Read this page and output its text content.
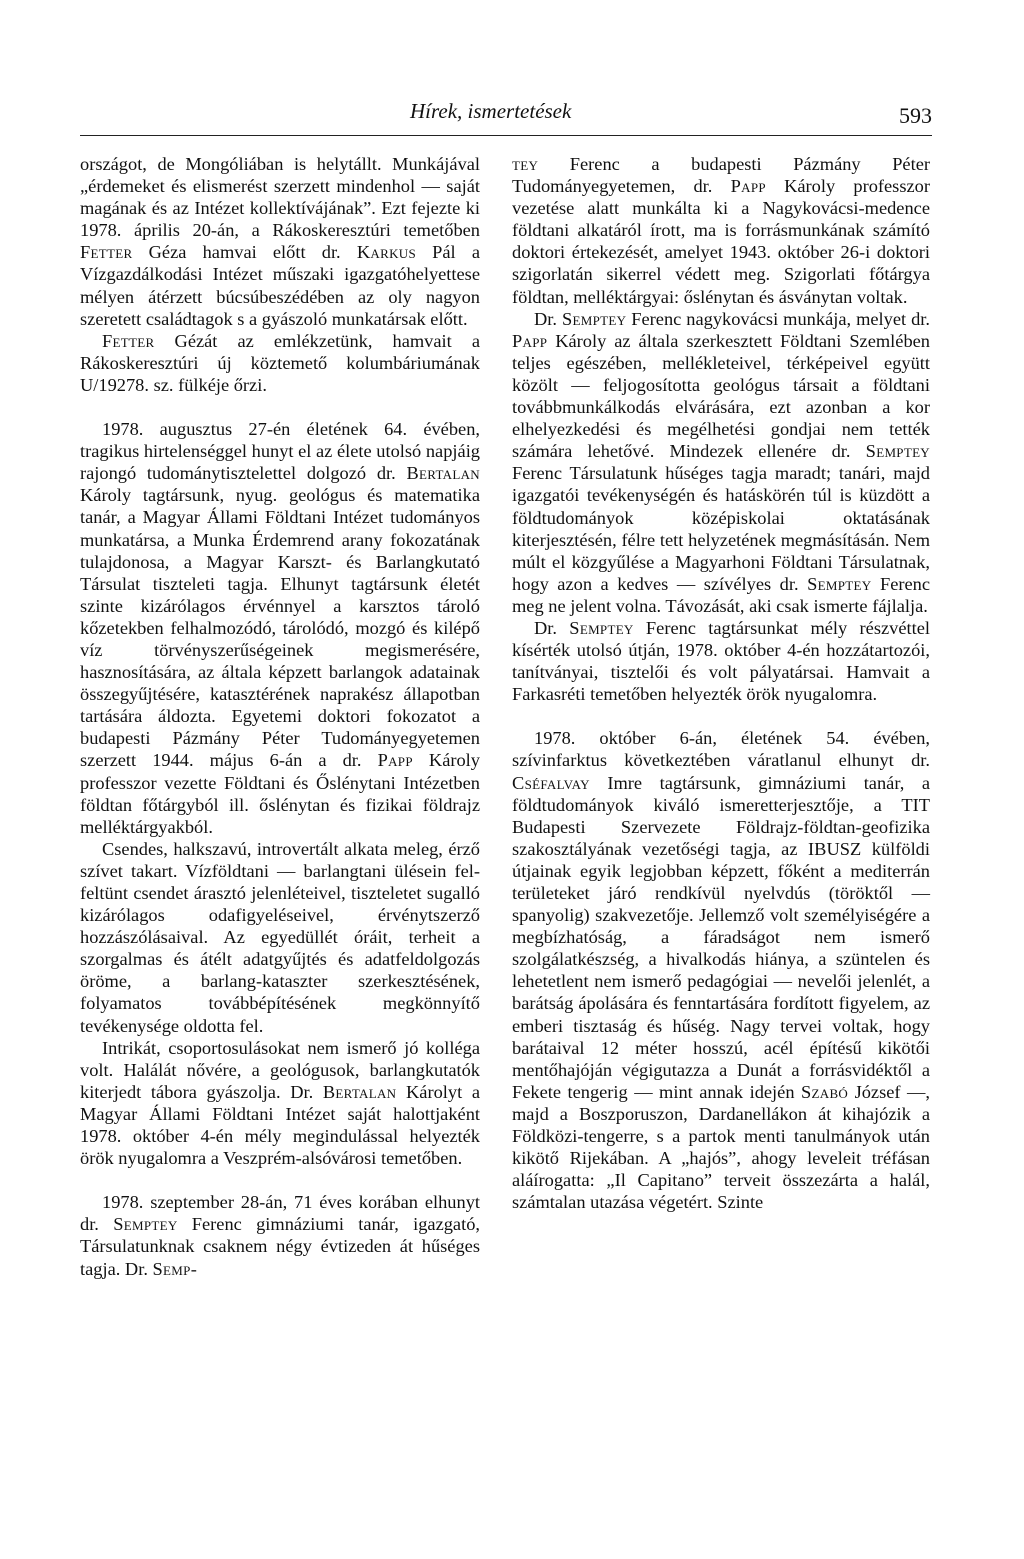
Hírek, ismertetések	593

országot, de Mongóliában is helytállt. Munkájával „érdemeket és elismerést szerzett mindenhol — saját magának és az Intézet kollektívájának”. Ezt fejezte ki 1978. április 20-án, a Rákoskeresztúri temetőben Fetter Géza hamvai előtt dr. Karkus Pál a Vízgazdálkodási Intézet műszaki igazgatóhelyettese mélyen átérzett búcsúbeszédében az oly nagyon szeretett családtagok s a gyászoló munkatársak előtt.

Fetter Gézát az emlékzetünk, hamvait a Rákoskeresztúri új köztemető kolumbáriumának U/19278. sz. fülkéje őrzi.

1978. augusztus 27-én életének 64. évében, tragikus hirtelenséggel hunyt el az élete utolsó napjáig rajongó tudománytisztelettel dolgozó dr. Bertalan Károly tagtársunk, nyug. geológus és matematika tanár, a Magyar Állami Földtani Intézet tudományos munkatársa, a Munka Érdemrend arany fokozatának tulajdonosa, a Magyar Karszt- és Barlangkutató Társulat tiszteleti tagja. Elhunyt tagtársunk életét szinte kizárólagos érvénnyel a karsztos tároló kőzetekben felhalmozódó, tárolódó, mozgó és kilépő víz törvényszerűségeinek megismerésére, hasznosítására, az általa képzett barlangok adatainak összegyűjtésére, katasztérének naprakész állapotban tartására áldozta. Egyetemi doktori fokozatot a budapesti Pázmány Péter Tudományegyetemen szerzett 1944. május 6-án a dr. Papp Károly professzor vezette Földtani és Őslénytani Intézetben földtan főtárgyból ill. őslénytan és fizikai földrajz melléktárgyakból.

Csendes, halkszavú, introvertált alkata meleg, érző szívet takart. Vízföldtani — barlangtani ülésein fel-feltünt csendet árasztó jelenléteivel, tiszteletet sugalló kizárólagos odafigyeléseivel, érvénytszerző hozzászólásaival. Az egyedüllét óráit, terheit a szorgalmas és átélt adatgyűjtés és adatfeldolgozás öröme, a barlang-kataszter szerkesztésének, folyamatos továbbépítésének megkönnyítő tevékenysége oldotta fel.

Intrikát, csoportosulásokat nem ismerő jó kolléga volt. Halálát nővére, a geológusok, barlangkutatók kiterjedt tábora gyászolja. Dr. Bertalan Károlyt a Magyar Állami Földtani Intézet saját halottjaként 1978. október 4-én mély megindulással helyezték örök nyugalomra a Veszprém-alsóvárosi temetőben.

1978. szeptember 28-án, 71 éves korában elhunyt dr. Semptey Ferenc gimnáziumi tanár, igazgató, Társulatunknak csaknem négy évtizeden át hűséges tagja. Dr. Semp-

tey Ferenc a budapesti Pázmány Péter Tudományegyetemen, dr. Papp Károly professzor vezetése alatt munkálta ki a Nagykovácsi-medence földtani alkatáról írott, ma is forrásmunkának számító doktori értekezését, amelyet 1943. október 26-i doktori szigorlatán sikerrel védett meg. Szigorlati főtárgya földtan, melléktárgyai: őslénytan és ásványtan voltak.

Dr. Semptey Ferenc nagykovácsi munkája, melyet dr. Papp Károly az általa szerkesztett Földtani Szemlében teljes egészében, mellékleteivel, térképeivel együtt közölt — feljogosította geológus társait a földtani továbbmunkálkodás elvárására, ezt azonban a kor elhelyezkedési és megélhetési gondjai nem tették számára lehetővé. Mindezek ellenére dr. Semptey Ferenc Társulatunk hűséges tagja maradt; tanári, majd igazgatói tevékenységén és hatáskörén túl is küzdött a földtudományok középiskolai oktatásának kiterjesztésén, félre tett helyzetének megmásításán. Nem múlt el közgyűlése a Magyarhoni Földtani Társulatnak, hogy azon a kedves — szívélyes dr. Semptey Ferenc meg ne jelent volna. Távozását, aki csak ismerte fájlalja.

Dr. Semptey Ferenc tagtársunkat mély részvéttel kísérték utolsó útján, 1978. október 4-én hozzátartozói, tanítványai, tisztelői és volt pályatársai. Hamvait a Farkasréti temetőben helyezték örök nyugalomra.

1978. október 6-án, életének 54. évében, szívinfarktus következtében váratlanul elhunyt dr. Cséfalvay Imre tagtársunk, gimnáziumi tanár, a földtudományok kiváló ismeretterjesztője, a TIT Budapesti Szervezete Földrajz-földtan-geofizika szakosztályának vezetőségi tagja, az IBUSZ külföldi útjainak egyik legjobban képzett, főként a mediterrán területeket járó rendkívül nyelvdús (töröktől — spanyolig) szakvezetője. Jellemző volt személyiségére a megbízhatóság, a fáradságot nem ismerő szolgálatkészség, a hivalkodás hiánya, a szüntelen és lehetetlent nem ismerő pedagógiai — nevelői jelenlét, a barátság ápolására és fenntartására fordított figyelem, az emberi tisztaság és hűség. Nagy tervei voltak, hogy barátaival 12 méter hosszú, acél építésű kikötői mentőhajóján végigutazza a Dunát a forrásvidéktől a Fekete tengerig — mint annak idején Szabó József —, majd a Boszporuszon, Dardanellákon át kihajózik a Földközi-tengerre, s a partok menti tanulmányok után kikötő Rijekában. A „hajós”, ahogy leveleit tréfásan aláírogatta: „Il Capitano” terveit összezárta a halál, számtalan utazása végetért. Szinte
